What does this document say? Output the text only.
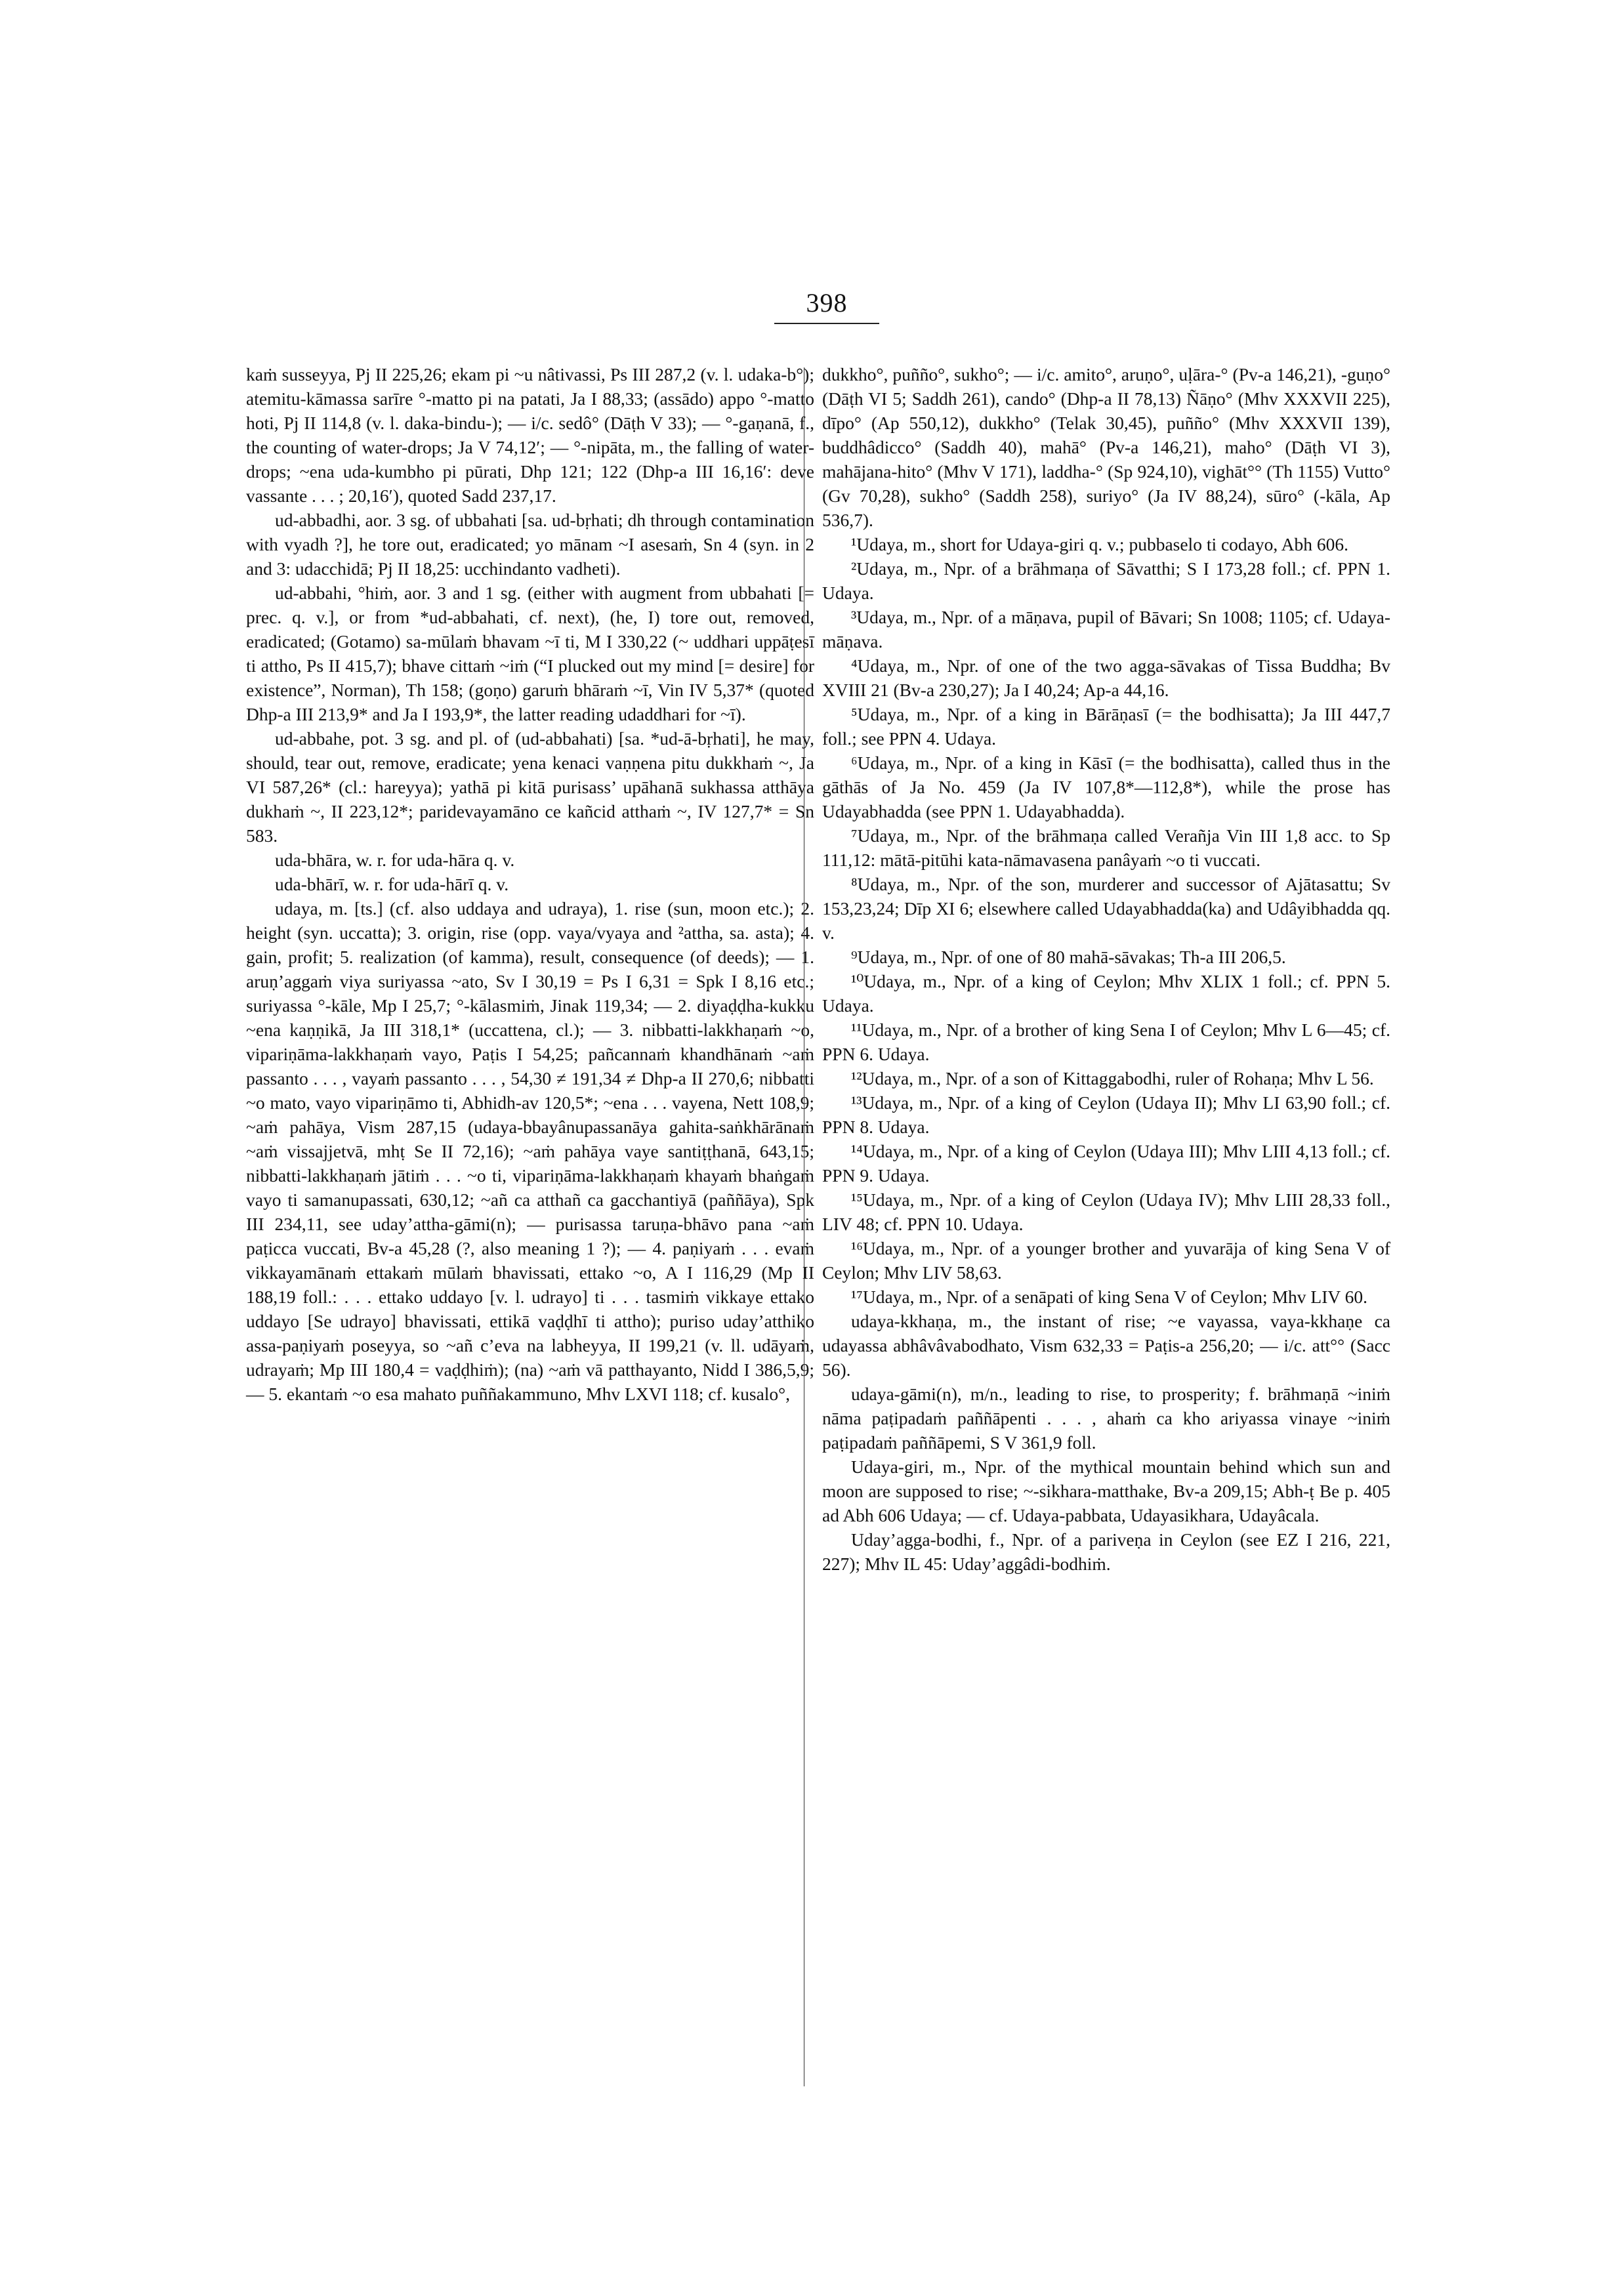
398

kaṁ susseyya, Pj II 225,26; ekam pi ~u nâtivassi, Ps III 287,2 (v. l. udaka-b°); atemitu-kāmassa sarīre °-matto pi na patati, Ja I 88,33; (assādo) appo °-matto hoti, Pj II 114,8 (v. l. daka-bindu-); — i/c. sedô° (Dāṭh V 33); — °-gaṇanā, f., the counting of water-drops; Ja V 74,12′; — °-nipāta, m., the falling of water-drops; ~ena uda-kumbho pi pūrati, Dhp 121; 122 (Dhp-a III 16,16′: deve vassante . . . ; 20,16′), quoted Sadd 237,17.

ud-abbadhi, aor. 3 sg. of ubbahati [sa. ud-bṛhati; dh through contamination with vyadh ?], he tore out, eradicated; yo mānam ~I asesaṁ, Sn 4 (syn. in 2 and 3: udacchidā; Pj II 18,25: ucchindanto vadheti).

ud-abbahi, °hiṁ, aor. 3 and 1 sg. (either with augment from ubbahati [= prec. q. v.], or from *ud-abbahati, cf. next), (he, I) tore out, removed, eradicated; (Gotamo) sa-mūlaṁ bhavam ~ī ti, M I 330,22 (~ uddhari uppāṭesī ti attho, Ps II 415,7); bhave cittaṁ ~iṁ (“I plucked out my mind [= desire] for existence”, Norman), Th 158; (goṇo) garuṁ bhāraṁ ~ī, Vin IV 5,37* (quoted Dhp-a III 213,9* and Ja I 193,9*, the latter reading udaddhari for ~ī).

ud-abbahe, pot. 3 sg. and pl. of (ud-abbahati) [sa. *ud-ā-bṛhati], he may, should, tear out, remove, eradicate; yena kenaci vaṇṇena pitu dukkhaṁ ~, Ja VI 587,26* (cl.: hareyya); yathā pi kitā purisass’ upāhanā sukhassa atthāya dukhaṁ ~, II 223,12*; paridevayamāno ce kañcid atthaṁ ~, IV 127,7* = Sn 583.

uda-bhāra, w. r. for uda-hāra q. v.

uda-bhārī, w. r. for uda-hārī q. v.

udaya, m. [ts.] (cf. also uddaya and udraya), 1. rise (sun, moon etc.); 2. height (syn. uccatta); 3. origin, rise (opp. vaya/vyaya and ²attha, sa. asta); 4. gain, profit; 5. realization (of kamma), result, consequence (of deeds); — 1. aruṇ’aggaṁ viya suriyassa ~ato, Sv I 30,19 = Ps I 6,31 = Spk I 8,16 etc.; suriyassa °-kāle, Mp I 25,7; °-kālasmiṁ, Jinak 119,34; — 2. diyaḍḍha-kukku ~ena kaṇṇikā, Ja III 318,1* (uccattena, cl.); — 3. nibbatti-lakkhaṇaṁ ~o, vipariṇāma-lakkhaṇaṁ vayo, Paṭis I 54,25; pañcannaṁ khandhānaṁ ~aṁ passanto . . . , vayaṁ passanto . . . , 54,30 ≠ 191,34 ≠ Dhp-a II 270,6; nibbatti ~o mato, vayo vipariṇāmo ti, Abhidh-av 120,5*; ~ena . . . vayena, Nett 108,9; ~aṁ pahāya, Vism 287,15 (udaya-bbayânupassanāya gahita-saṅkhārānaṁ ~aṁ vissajjetvā, mhṭ Se II 72,16); ~aṁ pahāya vaye santiṭṭhanā, 643,15; nibbatti-lakkhaṇaṁ jātiṁ . . . ~o ti, vipariṇāma-lakkhaṇaṁ khayaṁ bhaṅgaṁ vayo ti samanupassati, 630,12; ~añ ca atthañ ca gacchantiyā (paññāya), Spk III 234,11, see uday’attha-gāmi(n); — purisassa taruṇa-bhāvo pana ~aṁ paṭicca vuccati, Bv-a 45,28 (?, also meaning 1 ?); — 4. paṇiyaṁ . . . evaṁ vikkayamānaṁ ettakaṁ mūlaṁ bhavissati, ettako ~o, A I 116,29 (Mp II 188,19 foll.: . . . ettako uddayo [v. l. udrayo] ti . . . tasmiṁ vikkaye ettako uddayo [Se udrayo] bhavissati, ettikā vaḍḍhī ti attho); puriso uday’atthiko assa-paṇiyaṁ poseyya, so ~añ c’eva na labheyya, II 199,21 (v. ll. udāyaṁ, udrayaṁ; Mp III 180,4 = vaḍḍhiṁ); (na) ~aṁ vā patthayanto, Nidd I 386,5,9; — 5. ekantaṁ ~o esa mahato puññakammuno, Mhv LXVI 118; cf. kusalo°,

dukkho°, puñño°, sukho°; — i/c. amito°, aruṇo°, uḷāra-° (Pv-a 146,21), -guṇo° (Dāṭh VI 5; Saddh 261), cando° (Dhp-a II 78,13) Ñāṇo° (Mhv XXXVII 225), dīpo° (Ap 550,12), dukkho° (Telak 30,45), puñño° (Mhv XXXVII 139), buddhâdicco° (Saddh 40), mahā° (Pv-a 146,21), maho° (Dāṭh VI 3), mahājana-hito° (Mhv V 171), laddha-° (Sp 924,10), vighāt°° (Th 1155) Vutto° (Gv 70,28), sukho° (Saddh 258), suriyo° (Ja IV 88,24), sūro° (-kāla, Ap 536,7).

¹Udaya, m., short for Udaya-giri q. v.; pubbaselo ti codayo, Abh 606.

²Udaya, m., Npr. of a brāhmaṇa of Sāvatthi; S I 173,28 foll.; cf. PPN 1. Udaya.

³Udaya, m., Npr. of a māṇava, pupil of Bāvari; Sn 1008; 1105; cf. Udaya-māṇava.

⁴Udaya, m., Npr. of one of the two agga-sāvakas of Tissa Buddha; Bv XVIII 21 (Bv-a 230,27); Ja I 40,24; Ap-a 44,16.

⁵Udaya, m., Npr. of a king in Bārāṇasī (= the bodhisatta); Ja III 447,7 foll.; see PPN 4. Udaya.

⁶Udaya, m., Npr. of a king in Kāsī (= the bodhisatta), called thus in the gāthās of Ja No. 459 (Ja IV 107,8*—112,8*), while the prose has Udayabhadda (see PPN 1. Udayabhadda).

⁷Udaya, m., Npr. of the brāhmaṇa called Verañja Vin III 1,8 acc. to Sp 111,12: mātā-pitūhi kata-nāmavasena panâyaṁ ~o ti vuccati.

⁸Udaya, m., Npr. of the son, murderer and successor of Ajātasattu; Sv 153,23,24; Dīp XI 6; elsewhere called Udayabhadda(ka) and Udâyibhadda qq. v.

⁹Udaya, m., Npr. of one of 80 mahā-sāvakas; Th-a III 206,5.

¹⁰Udaya, m., Npr. of a king of Ceylon; Mhv XLIX 1 foll.; cf. PPN 5. Udaya.

¹¹Udaya, m., Npr. of a brother of king Sena I of Ceylon; Mhv L 6—45; cf. PPN 6. Udaya.

¹²Udaya, m., Npr. of a son of Kittaggabodhi, ruler of Rohaṇa; Mhv L 56.

¹³Udaya, m., Npr. of a king of Ceylon (Udaya II); Mhv LI 63,90 foll.; cf. PPN 8. Udaya.

¹⁴Udaya, m., Npr. of a king of Ceylon (Udaya III); Mhv LIII 4,13 foll.; cf. PPN 9. Udaya.

¹⁵Udaya, m., Npr. of a king of Ceylon (Udaya IV); Mhv LIII 28,33 foll., LIV 48; cf. PPN 10. Udaya.

¹⁶Udaya, m., Npr. of a younger brother and yuvarāja of king Sena V of Ceylon; Mhv LIV 58,63.

¹⁷Udaya, m., Npr. of a senāpati of king Sena V of Ceylon; Mhv LIV 60.

udaya-kkhaṇa, m., the instant of rise; ~e vayassa, vaya-kkhaṇe ca udayassa abhâvâvabodhato, Vism 632,33 = Paṭis-a 256,20; — i/c. att°° (Sacc 56).

udaya-gāmi(n), m/n., leading to rise, to prosperity; f. brāhmaṇā ~iniṁ nāma paṭipadaṁ paññāpenti . . . , ahaṁ ca kho ariyassa vinaye ~iniṁ paṭipadaṁ paññāpemi, S V 361,9 foll.

Udaya-giri, m., Npr. of the mythical mountain behind which sun and moon are supposed to rise; ~-sikhara-matthake, Bv-a 209,15; Abh-ṭ Be p. 405 ad Abh 606 Udaya; — cf. Udaya-pabbata, Udayasikhara, Udayâcala.

Uday’agga-bodhi, f., Npr. of a pariveṇa in Ceylon (see EZ I 216, 221, 227); Mhv IL 45: Uday’aggâdi-bodhiṁ.
